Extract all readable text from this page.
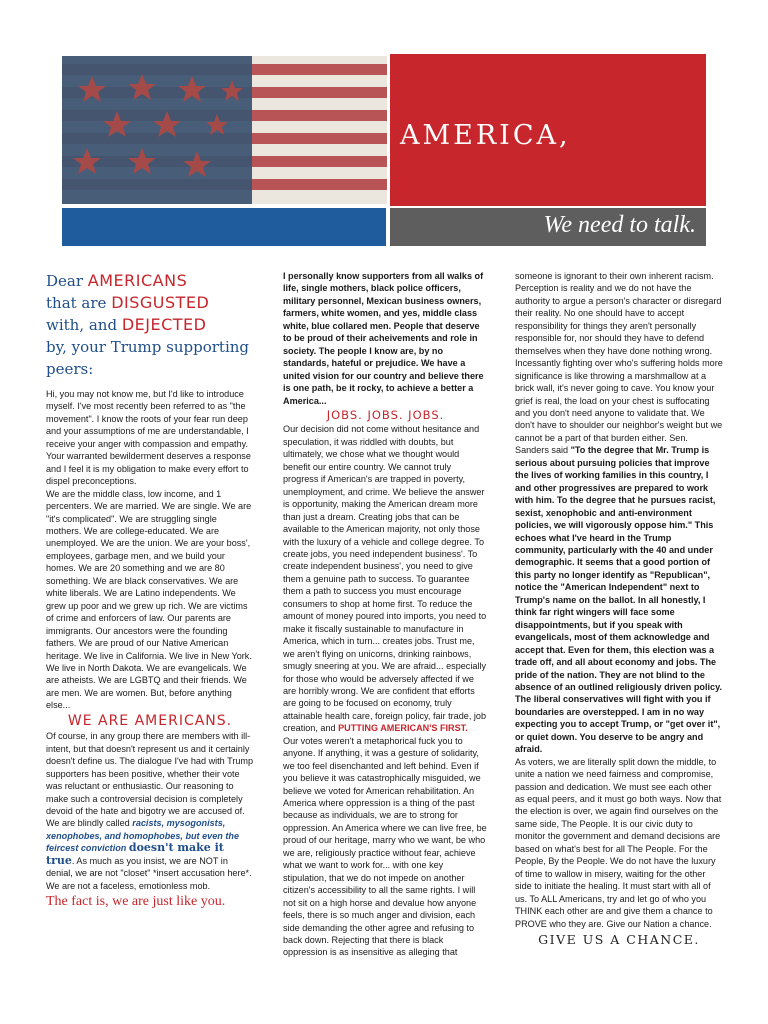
AMERICA,
We need to talk.
Dear AMERICANS
that are DISGUSTED
with, and DEJECTED
by, your Trump supporting peers:

Hi, you may not know me, but I'd like to introduce myself. I've most recently been referred to as "the movement". I know the roots of your fear run deep and your assumptions of me are understandable, I receive your anger with compassion and empathy. Your warranted bewilderment deserves a response and I feel it is my obligation to make every effort to dispel preconceptions.

We are the middle class, low income, and 1 percenters. We are married. We are single. We are "it's complicated". We are struggling single mothers. We are college-educated. We are unemployed. We are the union. We are your boss', employees, garbage men, and we build your homes. We are 20 something and we are 80 something. We are black conservatives. We are white liberals. We are Latino independents. We grew up poor and we grew up rich. We are victims of crime and enforcers of law. Our parents are immigrants. Our ancestors were the founding fathers. We are proud of our Native American heritage. We live in California. We live in New York. We live in North Dakota. We are evangelicals. We are atheists. We are LGBTQ and their friends. We are men. We are women. But, before anything else...

WE ARE AMERICANS.

Of course, in any group there are members with ill-intent, but that doesn't represent us and it certainly doesn't define us. The dialogue I've had with Trump supporters has been positive, whether their vote was reluctant or enthusiastic. Our reasoning to make such a controversial decision is completely devoid of the hate and bigotry we are accused of. We are blindly called racists, mysogonists, xenophobes, and homophobes, but even the feircest conviction doesn't make it true. As much as you insist, we are NOT in denial, we are not "closet" *insert accusation here*. We are not a faceless, emotionless mob.

The fact is, we are just like you.

I personally know supporters from all walks of life, single mothers, black police officers, military personnel, Mexican business owners, farmers, white women, and yes, middle class white, blue collared men. People that deserve to be proud of their acheivements and role in society. The people I know are, by no standards, hateful or prejudice. We have a united vision for our country and believe there is one path, be it rocky, to achieve a better a America...

JOBS. JOBS. JOBS.

Our decision did not come without hesitance and speculation, it was riddled with doubts, but ultimately, we chose what we thought would benefit our entire country. We cannot truly progress if American's are trapped in poverty, unemployment, and crime. We believe the answer is opportunity, making the American dream more than just a dream. Creating jobs that can be available to the American majority, not only those with the luxury of a vehicle and college degree. To create jobs, you need independent business'. To create independent business', you need to give them a genuine path to success. To guarantee them a path to success you must encourage consumers to shop at home first. To reduce the amount of money poured into imports, you need to make it fiscally sustainable to manufacture in America, which in turn... creates jobs. Trust me, we aren't flying on unicorns, drinking rainbows, smugly sneering at you. We are afraid... especially for those who would be adversely affected if we are horribly wrong. We are confident that efforts are going to be focused on economy, truly attainable health care, foreign policy, fair trade, job creation, and PUTTING AMERICAN'S FIRST.

Our votes weren't a metaphorical fuck you to anyone. If anything, it was a gesture of solidarity, we too feel disenchanted and left behind. Even if you believe it was catastrophically misguided, we believe we voted for American rehabilitation. An America where oppression is a thing of the past because as individuals, we are to strong for oppression. An America where we can live free, be proud of our heritage, marry who we want, be who we are, religiously practice without fear, achieve what we want to work for... with one key stipulation, that we do not impede on another citizen's accessibility to all the same rights. I will not sit on a high horse and devalue how anyone feels, there is so much anger and division, each side demanding the other agree and refusing to back down. Rejecting that there is black oppression is as insensitive as alleging that

someone is ignorant to their own inherent racism. Perception is reality and we do not have the authority to argue a person's character or disregard their reality. No one should have to accept responsibility for things they aren't personally responsible for, nor should they have to defend themselves when they have done nothing wrong. Incessantly fighting over who's suffering holds more significance is like throwing a marshmallow at a brick wall, it's never going to cave. You know your grief is real, the load on your chest is suffocating and you don't need anyone to validate that. We don't have to shoulder our neighbor's weight but we cannot be a part of that burden either. Sen. Sanders said "To the degree that Mr. Trump is serious about pursuing policies that improve the lives of working families in this country, I and other progressives are prepared to work with him. To the degree that he pursues racist, sexist, xenophobic and anti-environment policies, we will vigorously oppose him." This echoes what I've heard in the Trump community, particularly with the 40 and under demographic. It seems that a good portion of this party no longer identify as "Republican", notice the "American Independent" next to Trump's name on the ballot. In all honestly, I think far right wingers will face some disappointments, but if you speak with evangelicals, most of them acknowledge and accept that. Even for them, this election was a trade off, and all about economy and jobs. The pride of the nation. They are not blind to the absence of an outlined religiously driven policy. The liberal conservatives will fight with you if boundaries are overstepped. I am in no way expecting you to accept Trump, or "get over it", or quiet down. You deserve to be angry and afraid.

As voters, we are literally split down the middle, to unite a nation we need fairness and compromise, passion and dedication. We must see each other as equal peers, and it must go both ways. Now that the election is over, we again find ourselves on the same side, The People. It is our civic duty to monitor the government and demand decisions are based on what's best for all The People. For the People, By the People. We do not have the luxury of time to wallow in misery, waiting for the other side to initiate the healing. It must start with all of us. To ALL Americans, try and let go of who you THINK each other are and give them a chance to PROVE who they are. Give our Nation a chance.

GIVE US A CHANCE.
